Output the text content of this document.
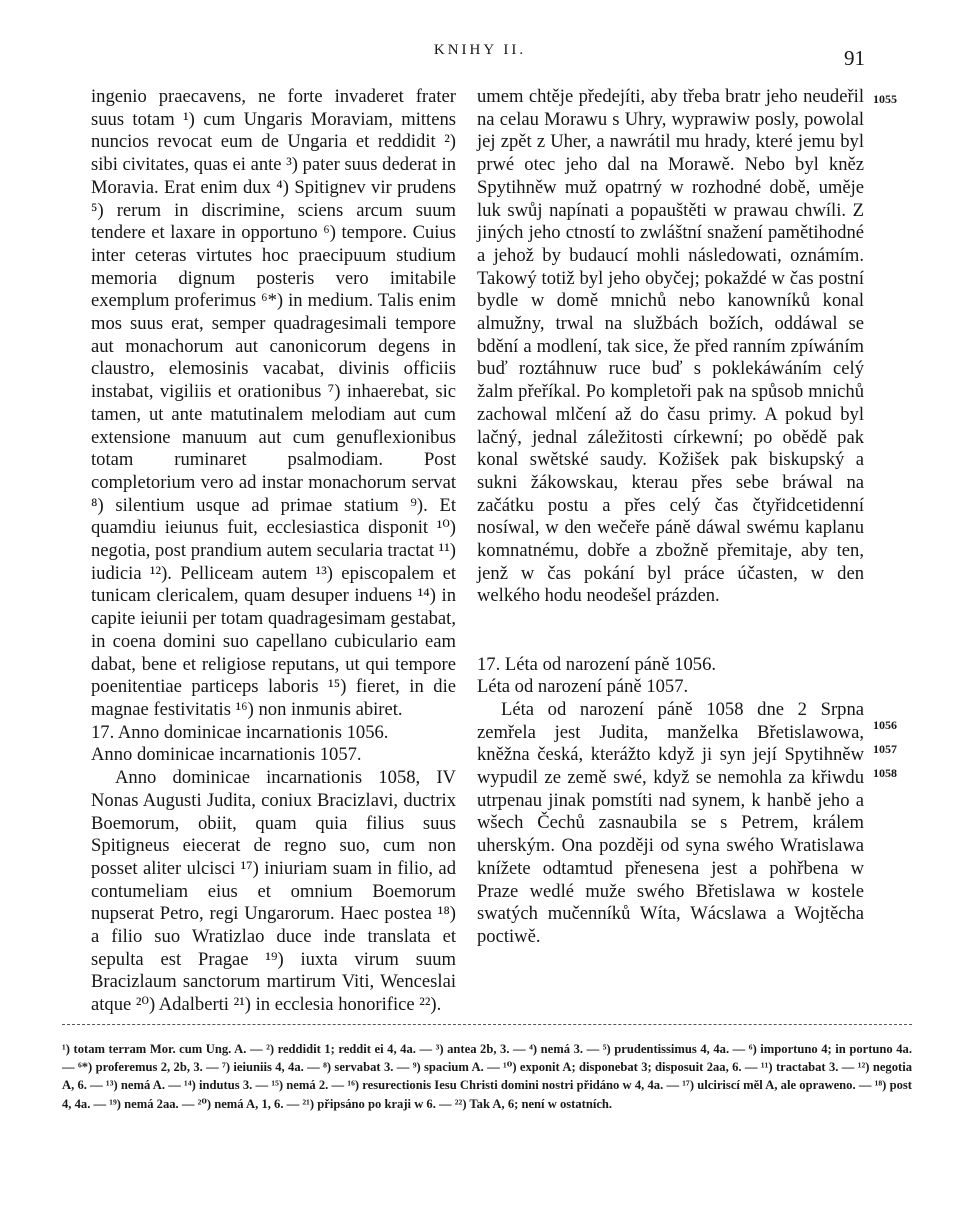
KNIHY II.	91

ingenio praecavens, ne forte invaderet frater suus totam ¹) cum Ungaris Moraviam, mittens nuncios revocat eum de Ungaria et reddidit ²) sibi civitates, quas ei ante ³) pater suus dederat in Moravia. Erat enim dux ⁴) Spitignev vir prudens ⁵) rerum in discrimine, sciens arcum suum tendere et laxare in opportuno ⁶) tempore. Cuius inter ceteras virtutes hoc praecipuum studium memoria dignum posteris vero imitabile exemplum proferimus ⁶*) in medium. Talis enim mos suus erat, semper quadragesimali tempore aut monachorum aut canonicorum degens in claustro, elemosinis vacabat, divinis officiis instabat, vigiliis et orationibus ⁷) inhaerebat, sic tamen, ut ante matutinalem melodiam aut cum extensione manuum aut cum genuflexionibus totam ruminaret psalmodiam. Post completorium vero ad instar monachorum servat ⁸) silentium usque ad primae statium ⁹). Et quamdiu ieiunus fuit, ecclesiastica disponit ¹⁰) negotia, post prandium autem secularia tractat ¹¹) iudicia ¹²). Pelliceam autem ¹³) episcopalem et tunicam clericalem, quam desuper induens ¹⁴) in capite ieiunii per totam quadragesimam gestabat, in coena domini suo capellano cubiculario eam dabat, bene et religiose reputans, ut qui tempore poenitentiae particeps laboris ¹⁵) fieret, in die magnae festivitatis ¹⁶) non inmunis abiret.

17. Anno dominicae incarnationis 1056.

Anno dominicae incarnationis 1057.

Anno dominicae incarnationis 1058, IV Nonas Augusti Judita, coniux Bracizlavi, ductrix Boemorum, obiit, quam quia filius suus Spitigneus eiecerat de regno suo, cum non posset aliter ulcisci ¹⁷) iniuriam suam in filio, ad contumeliam eius et omnium Boemorum nupserat Petro, regi Ungarorum. Haec postea ¹⁸) a filio suo Wratizlao duce inde translata et sepulta est Pragae ¹⁹) iuxta virum suum Bracizlaum sanctorum martirum Viti, Wenceslai atque ²⁰) Adalberti ²¹) in ecclesia honorifice ²²).

umem chtěje předejíti, aby třeba bratr jeho neudeřil na celau Morawu s Uhry, wyprawiw posly, powolal jej zpět z Uher, a nawrátil mu hrady, které jemu byl prwé otec jeho dal na Morawě. Nebo byl kněz Spytihněw muž opatrný w rozhodné době, uměje luk swůj napínati a popauštěti w prawau chwíli. Z jiných jeho ctností to zwláštní snažení pamětihodné a jehož by budaucí mohli následowati, oznámím. Takowý totiž byl jeho obyčej; pokaždé w čas postní bydle w domě mnichů nebo kanowníků konal almužny, trwal na službách božích, oddáwal se bdění a modlení, tak sice, že před ranním zpíwáním buď roztáhnuw ruce buď s poklekáwáním celý žalm přeříkal. Po kompletoři pak na spůsob mnichů zachowal mlčení až do času primy. A pokud byl lačný, jednal záležitosti církewní; po obědě pak konal swětské saudy. Kožišek pak biskupský a sukni žákowskau, kterau přes sebe bráwal na začátku postu a přes celý čas čtyřidcetidenní nosíwal, w den wečeře páně dáwal swému kaplanu komnatnému, dobře a zbožně přemitaje, aby ten, jenž w čas pokání byl práce účasten, w den welkého hodu neodešel prázden.

17. Léta od narození páně 1056.

Léta od narození páně 1057.

Léta od narození páně 1058 dne 2 Srpna zemřela jest Judita, manželka Břetislawowa, kněžna česká, kterážto když ji syn její Spytihněw wypudil ze země swé, když se nemohla za křiwdu utrpenau jinak pomstíti nad synem, k hanbě jeho a wšech Čechů zasnaubila se s Petrem, králem uherským. Ona později od syna swého Wratislawa knížete odtamtud přenesena jest a pohřbena w Praze wedlé muže swého Břetislawa w kostele swatých mučenníků Wíta, Wácslawa a Wojtěcha poctiwě.

1055
1056
1057
1058
¹) totam terram Mor. cum Ung. A. — ²) reddidit 1; reddit ei 4, 4a. — ³) antea 2b, 3. — ⁴) nemá 3. — ⁵) prudentissimus 4, 4a. — ⁶) importuno 4; in portuno 4a. — ⁶*) proferemus 2, 2b, 3. — ⁷) ieiuniis 4, 4a. — ⁸) servabat 3. — ⁹) spacium A. — ¹⁰) exponit A; disponebat 3; disposuit 2aa, 6. — ¹¹) tractabat 3. — ¹²) negotia A, 6. — ¹³) nemá A. — ¹⁴) indutus 3. — ¹⁵) nemá 2. — ¹⁶) resurectionis Iesu Christi domini nostri přidáno w 4, 4a. — ¹⁷) ulciriscí měl A, ale opraweno. — ¹⁸) post 4, 4a. — ¹⁹) nemá 2aa. — ²⁰) nemá A, 1, 6. — ²¹) připsáno po kraji w 6. — ²²) Tak A, 6; není w ostatních.
